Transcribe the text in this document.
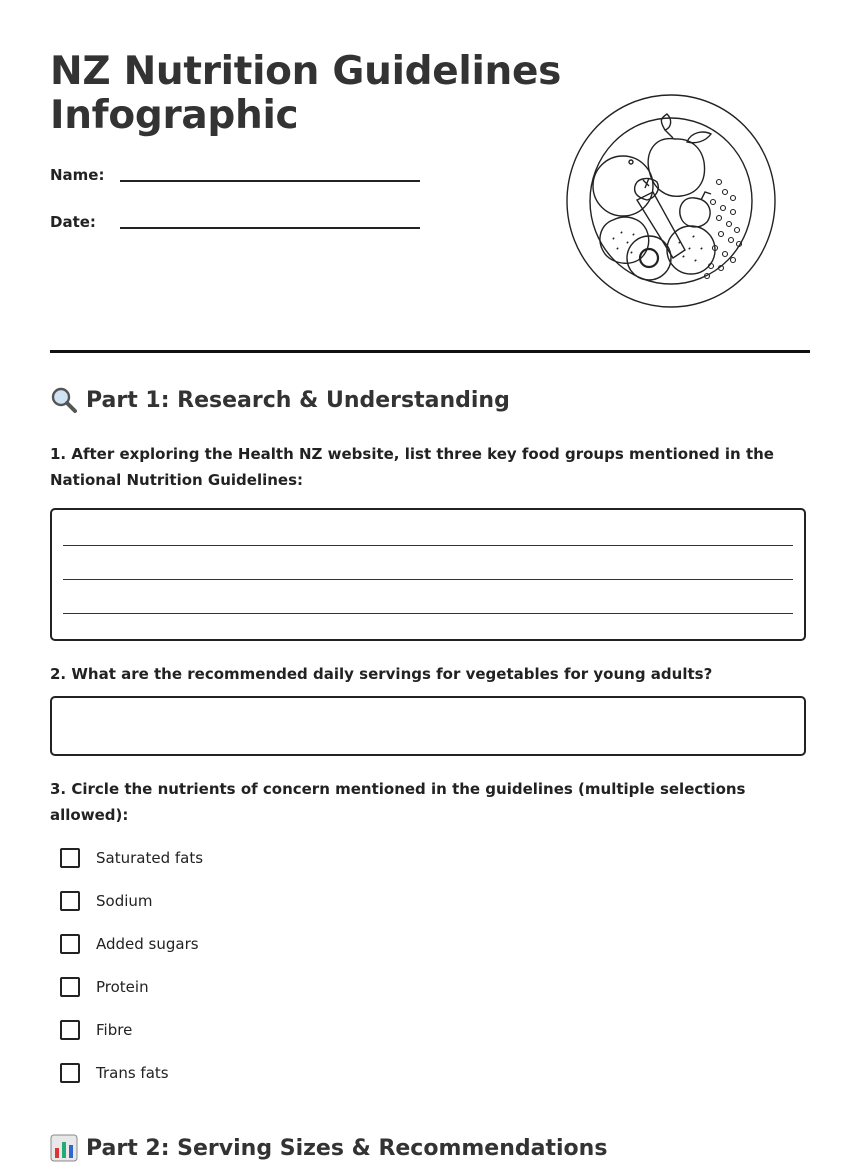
NZ Nutrition Guidelines
Infographic
Name:
Date:
Part 1: Research & Understanding

1. After exploring the Health NZ website, list three key food groups mentioned in the National Nutrition Guidelines:

2. What are the recommended daily servings for vegetables for young adults?

3. Circle the nutrients of concern mentioned in the guidelines (multiple selections allowed):

Saturated fats
Sodium
Added sugars
Protein
Fibre
Trans fats
Part 2: Serving Sizes & Recommendations
